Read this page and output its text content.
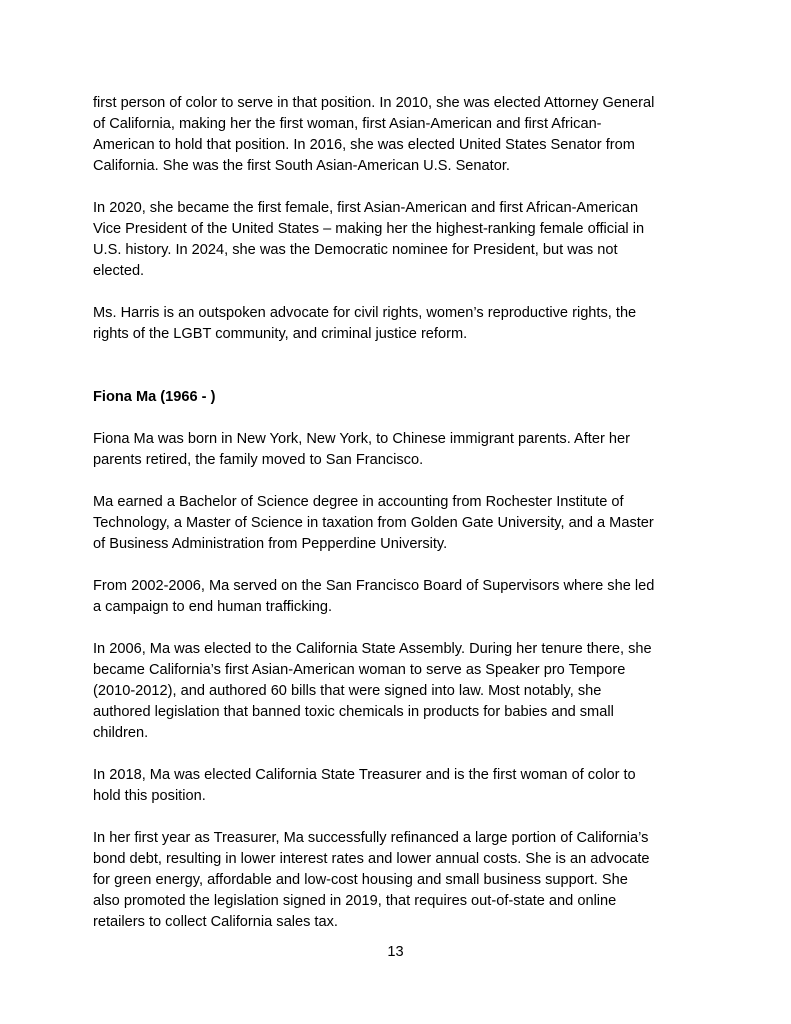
first person of color to serve in that position. In 2010, she was elected Attorney General
of California, making her the first woman, first Asian-American and first African-
American to hold that position. In 2016, she was elected United States Senator from
California. She was the first South Asian-American U.S. Senator.

In 2020, she became the first female, first Asian-American and first African-American
Vice President of the United States – making her the highest-ranking female official in
U.S. history. In 2024, she was the Democratic nominee for President, but was not
elected.

Ms. Harris is an outspoken advocate for civil rights, women’s reproductive rights, the
rights of the LGBT community, and criminal justice reform.

Fiona Ma (1966 - )

Fiona Ma was born in New York, New York, to Chinese immigrant parents. After her
parents retired, the family moved to San Francisco.

Ma earned a Bachelor of Science degree in accounting from Rochester Institute of
Technology, a Master of Science in taxation from Golden Gate University, and a Master
of Business Administration from Pepperdine University.

From 2002-2006, Ma served on the San Francisco Board of Supervisors where she led
a campaign to end human trafficking.

In 2006, Ma was elected to the California State Assembly. During her tenure there, she
became California’s first Asian-American woman to serve as Speaker pro Tempore
(2010-2012), and authored 60 bills that were signed into law. Most notably, she
authored legislation that banned toxic chemicals in products for babies and small
children.

In 2018, Ma was elected California State Treasurer and is the first woman of color to
hold this position.

In her first year as Treasurer, Ma successfully refinanced a large portion of California’s
bond debt, resulting in lower interest rates and lower annual costs. She is an advocate
for green energy, affordable and low-cost housing and small business support. She
also promoted the legislation signed in 2019, that requires out-of-state and online
retailers to collect California sales tax.

13
